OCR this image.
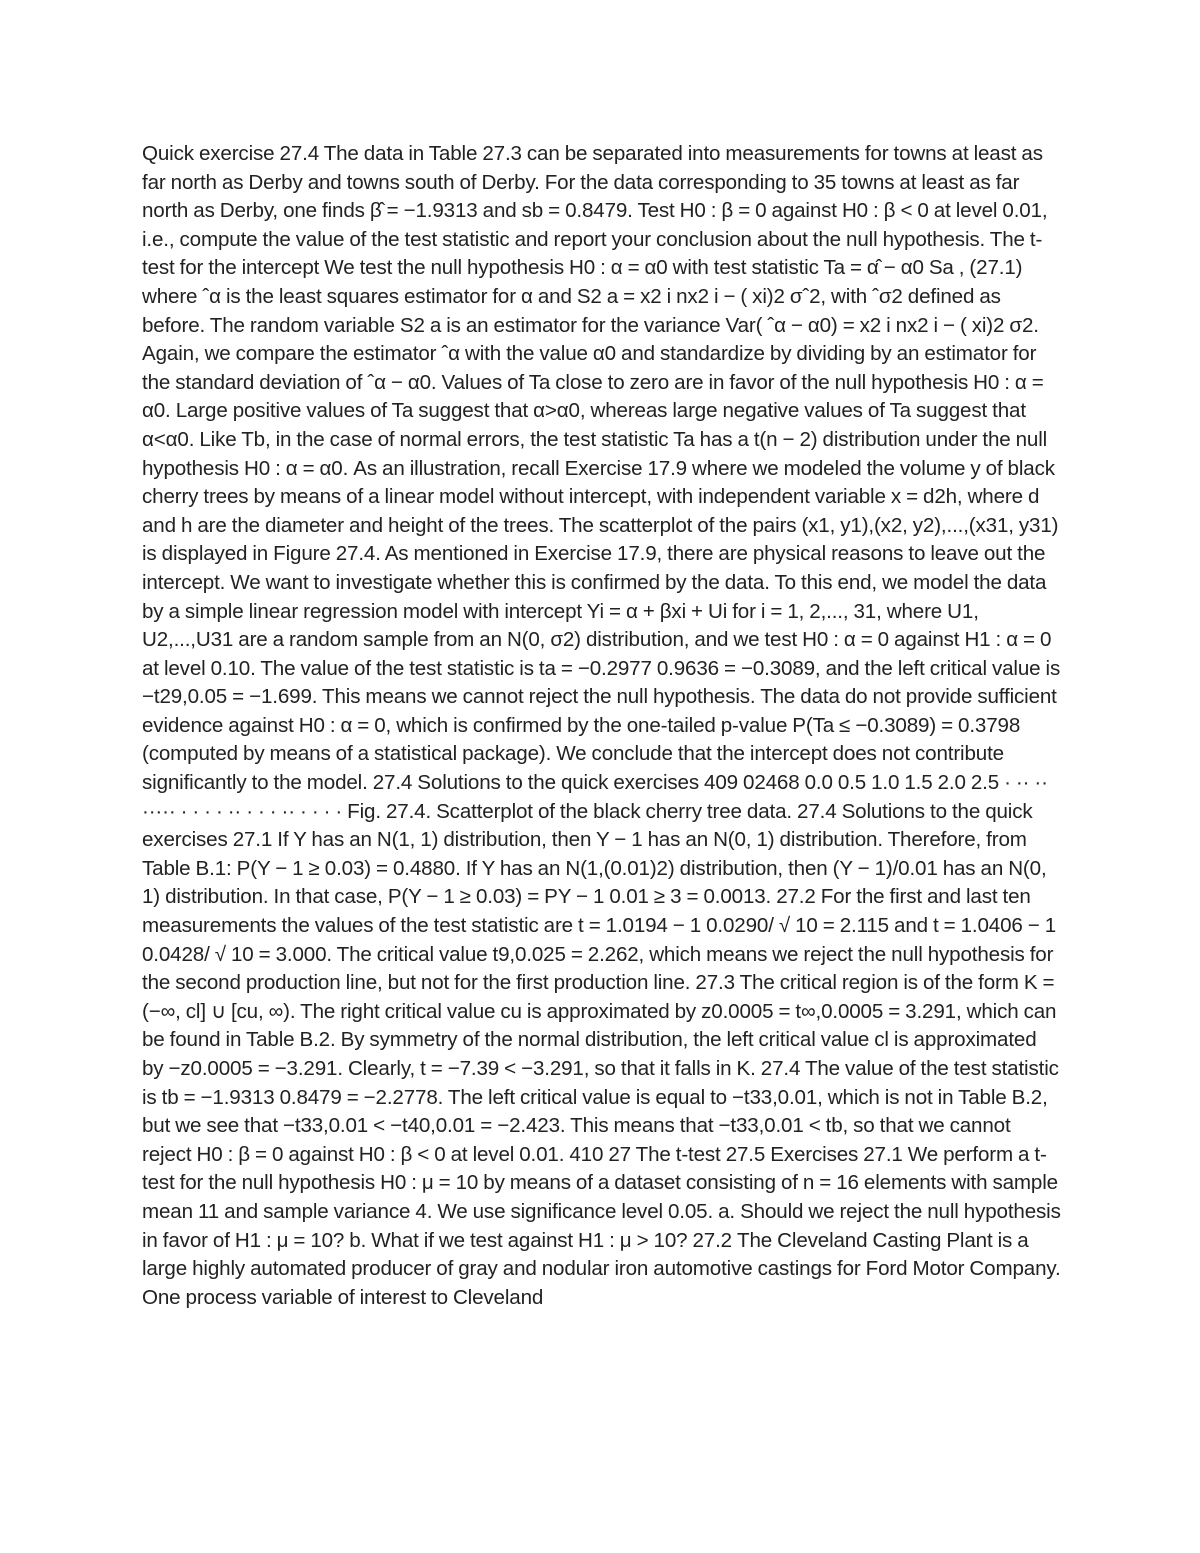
Quick exercise 27.4 The data in Table 27.3 can be separated into measurements for towns at least as far north as Derby and towns south of Derby. For the data corresponding to 35 towns at least as far north as Derby, one finds β̂ = −1.9313 and sb = 0.8479. Test H0 : β = 0 against H0 : β < 0 at level 0.01, i.e., compute the value of the test statistic and report your conclusion about the null hypothesis. The t-test for the intercept We test the null hypothesis H0 : α = α0 with test statistic Ta = α̂ − α0 Sa , (27.1) where ˆα is the least squares estimator for α and S2 a = x2 i nx2 i − ( xi)2 σˆ2, with ˆσ2 defined as before. The random variable S2 a is an estimator for the variance Var( ˆα − α0) = x2 i nx2 i − ( xi)2 σ2. Again, we compare the estimator ˆα with the value α0 and standardize by dividing by an estimator for the standard deviation of ˆα − α0. Values of Ta close to zero are in favor of the null hypothesis H0 : α = α0. Large positive values of Ta suggest that α>α0, whereas large negative values of Ta suggest that α<α0. Like Tb, in the case of normal errors, the test statistic Ta has a t(n − 2) distribution under the null hypothesis H0 : α = α0. As an illustration, recall Exercise 17.9 where we modeled the volume y of black cherry trees by means of a linear model without intercept, with independent variable x = d2h, where d and h are the diameter and height of the trees. The scatterplot of the pairs (x1, y1),(x2, y2),...,(x31, y31) is displayed in Figure 27.4. As mentioned in Exercise 17.9, there are physical reasons to leave out the intercept. We want to investigate whether this is confirmed by the data. To this end, we model the data by a simple linear regression model with intercept Yi = α + βxi + Ui for i = 1, 2,..., 31, where U1, U2,...,U31 are a random sample from an N(0, σ2) distribution, and we test H0 : α = 0 against H1 : α = 0 at level 0.10. The value of the test statistic is ta = −0.2977 0.9636 = −0.3089, and the left critical value is −t29,0.05 = −1.699. This means we cannot reject the null hypothesis. The data do not provide sufficient evidence against H0 : α = 0, which is confirmed by the one-tailed p-value P(Ta ≤ −0.3089) = 0.3798 (computed by means of a statistical package). We conclude that the intercept does not contribute significantly to the model. 27.4 Solutions to the quick exercises 409 02468 0.0 0.5 1.0 1.5 2.0 2.5 · ·· ·· ····· · · · · ·· · · · ·· · · · · Fig. 27.4. Scatterplot of the black cherry tree data. 27.4 Solutions to the quick exercises 27.1 If Y has an N(1, 1) distribution, then Y − 1 has an N(0, 1) distribution. Therefore, from Table B.1: P(Y − 1 ≥ 0.03) = 0.4880. If Y has an N(1,(0.01)2) distribution, then (Y − 1)/0.01 has an N(0, 1) distribution. In that case, P(Y − 1 ≥ 0.03) = PY − 1 0.01 ≥ 3 = 0.0013. 27.2 For the first and last ten measurements the values of the test statistic are t = 1.0194 − 1 0.0290/ √ 10 = 2.115 and t = 1.0406 − 1 0.0428/ √ 10 = 3.000. The critical value t9,0.025 = 2.262, which means we reject the null hypothesis for the second production line, but not for the first production line. 27.3 The critical region is of the form K = (−∞, cl] ∪ [cu, ∞). The right critical value cu is approximated by z0.0005 = t∞,0.0005 = 3.291, which can be found in Table B.2. By symmetry of the normal distribution, the left critical value cl is approximated by −z0.0005 = −3.291. Clearly, t = −7.39 < −3.291, so that it falls in K. 27.4 The value of the test statistic is tb = −1.9313 0.8479 = −2.2778. The left critical value is equal to −t33,0.01, which is not in Table B.2, but we see that −t33,0.01 < −t40,0.01 = −2.423. This means that −t33,0.01 < tb, so that we cannot reject H0 : β = 0 against H0 : β < 0 at level 0.01. 410 27 The t-test 27.5 Exercises 27.1 We perform a t-test for the null hypothesis H0 : μ = 10 by means of a dataset consisting of n = 16 elements with sample mean 11 and sample variance 4. We use significance level 0.05. a. Should we reject the null hypothesis in favor of H1 : μ = 10? b. What if we test against H1 : μ > 10? 27.2 The Cleveland Casting Plant is a large highly automated producer of gray and nodular iron automotive castings for Ford Motor Company. One process variable of interest to Cleveland
